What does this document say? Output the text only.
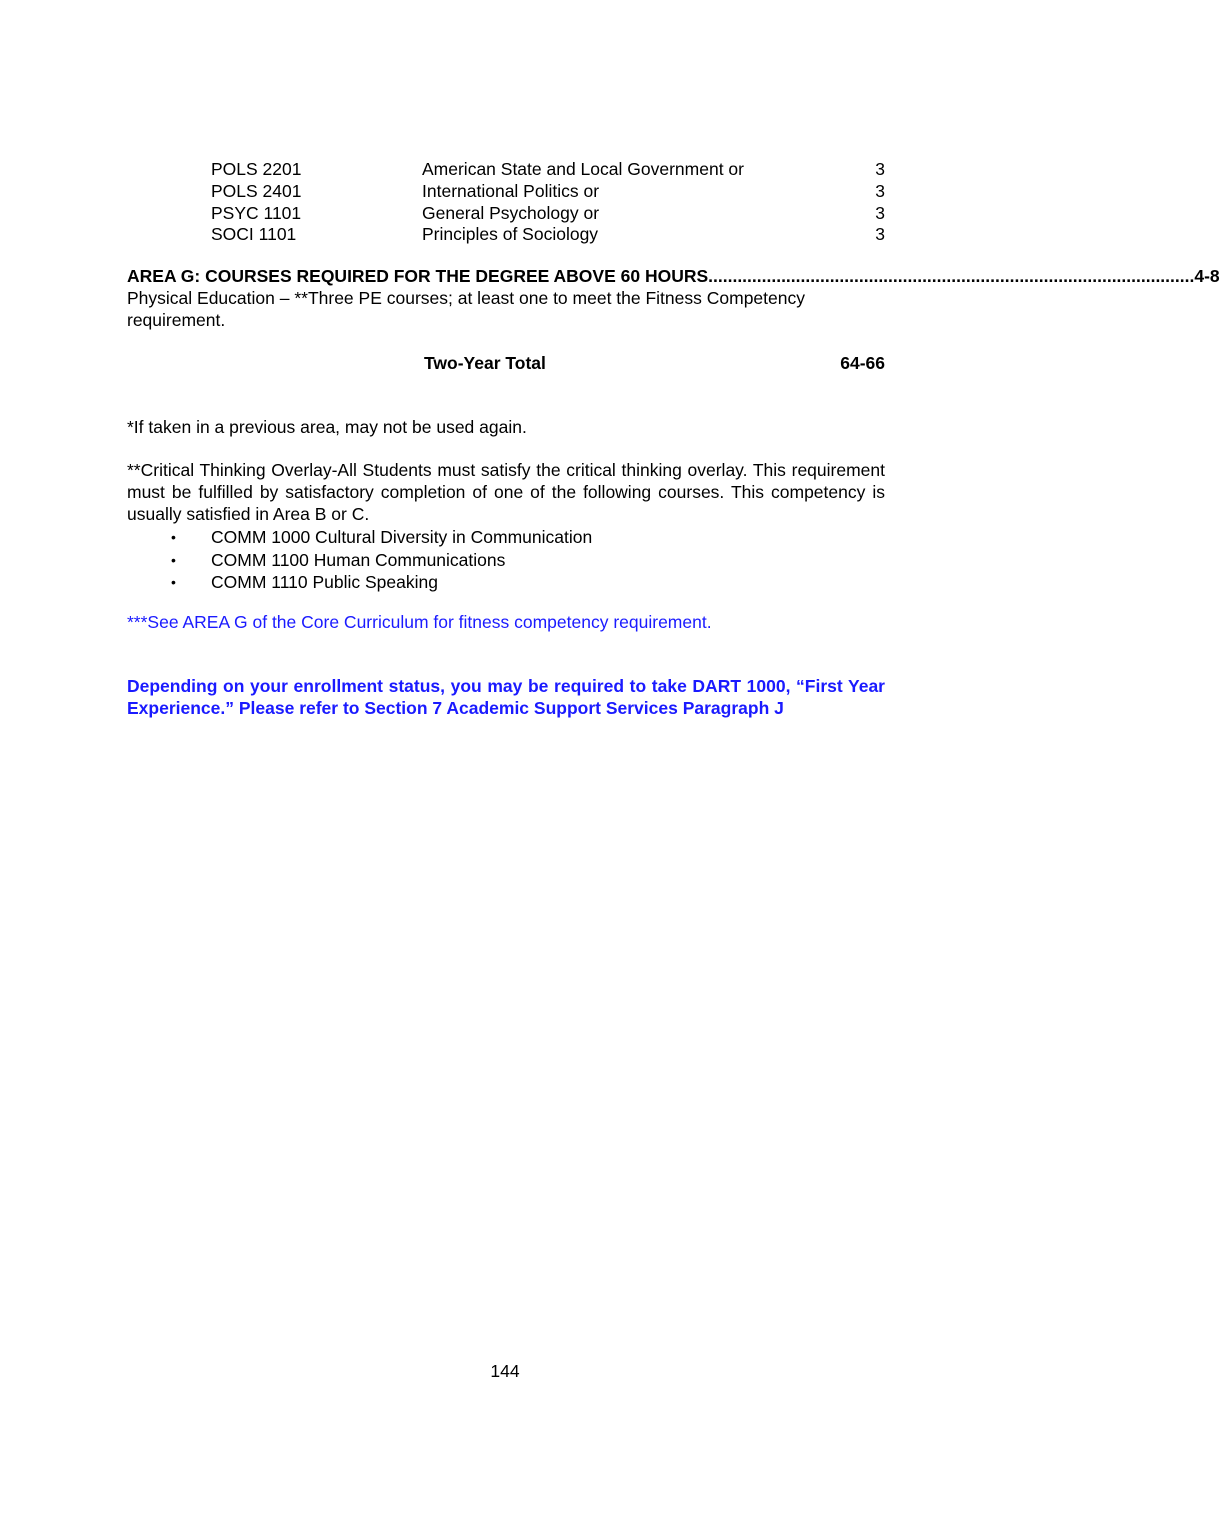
POLS 2201	American State and Local Government or	3
POLS 2401	International Politics or	3
PSYC 1101	General Psychology or	3
SOCI 1101	Principles of Sociology	3
AREA G: COURSES REQUIRED FOR THE DEGREE ABOVE 60 HOURS .................................................................................................... 4-8
Physical Education – **Three PE courses; at least one to meet the Fitness Competency requirement.
Two-Year Total	64-66
*If taken in a previous area, may not be used again.
**Critical Thinking Overlay-All Students must satisfy the critical thinking overlay. This requirement must be fulfilled by satisfactory completion of one of the following courses. This competency is usually satisfied in Area B or C.
• COMM 1000 Cultural Diversity in Communication
• COMM 1100 Human Communications
• COMM 1110 Public Speaking
***See AREA G of the Core Curriculum for fitness competency requirement.
Depending on your enrollment status, you may be required to take DART 1000, “First Year Experience.” Please refer to Section 7 Academic Support Services Paragraph J
144
